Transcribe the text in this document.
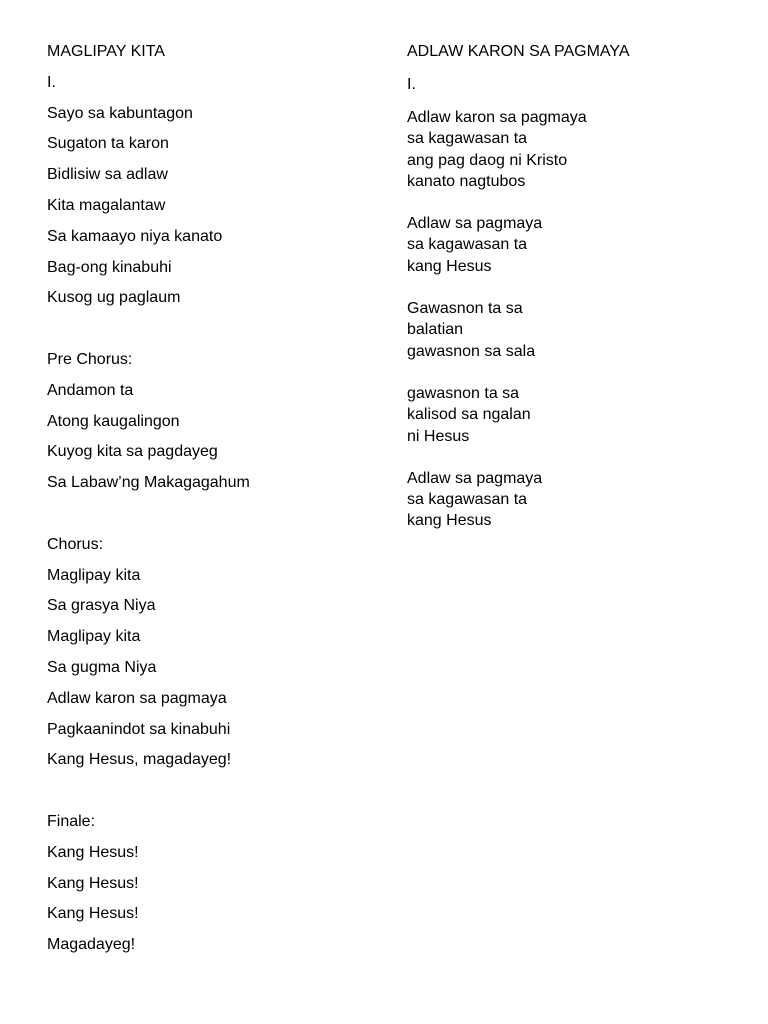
MAGLIPAY KITA
I.
Sayo sa kabuntagon
Sugaton ta karon
Bidlisiw sa adlaw
Kita magalantaw
Sa kamaayo niya kanato
Bag-ong kinabuhi
Kusog ug paglaum
Pre Chorus:
Andamon ta
Atong kaugalingon
Kuyog kita sa pagdayeg
Sa Labaw’ng Makagagahum
Chorus:
Maglipay kita
Sa grasya Niya
Maglipay kita
Sa gugma Niya
Adlaw karon sa pagmaya
Pagkaanindot sa kinabuhi
Kang Hesus, magadayeg!
Finale:
Kang Hesus!
Kang Hesus!
Kang Hesus!
Magadayeg!
ADLAW KARON SA PAGMAYA
I.
Adlaw karon sa pagmaya
sa kagawasan ta
ang pag daog ni Kristo
kanato nagtubos
Adlaw sa pagmaya
sa kagawasan ta
kang Hesus
Gawasnon ta sa
balatian
gawasnon sa sala
gawasnon ta sa
kalisod sa ngalan
ni Hesus
Adlaw sa pagmaya
sa kagawasan ta
kang Hesus
